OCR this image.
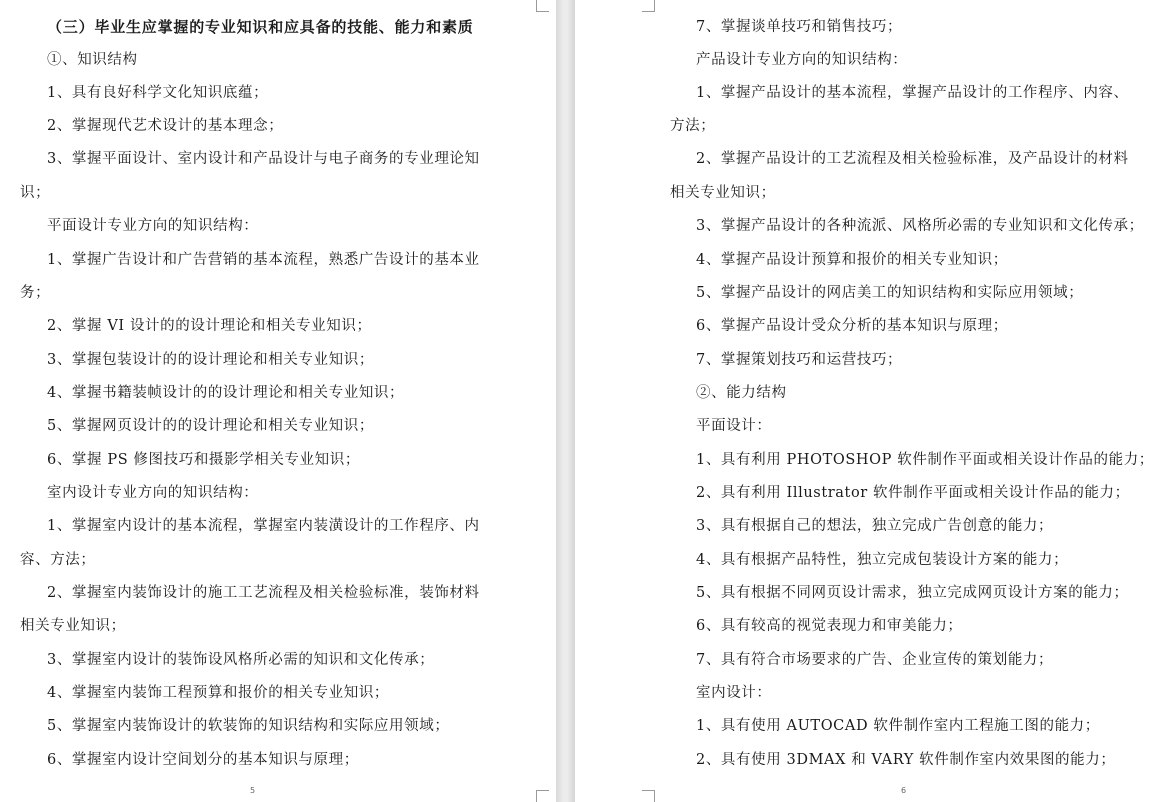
（三）毕业生应掌握的专业知识和应具备的技能、能力和素质
①、知识结构
1、具有良好科学文化知识底蕴；
2、掌握现代艺术设计的基本理念；
3、掌握平面设计、室内设计和产品设计与电子商务的专业理论知
识；
平面设计专业方向的知识结构：
1、掌握广告设计和广告营销的基本流程，熟悉广告设计的基本业
务；
2、掌握 VI 设计的的设计理论和相关专业知识；
3、掌握包装设计的的设计理论和相关专业知识；
4、掌握书籍装帧设计的的设计理论和相关专业知识；
5、掌握网页设计的的设计理论和相关专业知识；
6、掌握 PS 修图技巧和摄影学相关专业知识；
室内设计专业方向的知识结构：
1、掌握室内设计的基本流程，掌握室内装潢设计的工作程序、内
容、方法；
2、掌握室内装饰设计的施工工艺流程及相关检验标准，装饰材料
相关专业知识；
3、掌握室内设计的装饰设风格所必需的知识和文化传承；
4、掌握室内装饰工程预算和报价的相关专业知识；
5、掌握室内装饰设计的软装饰的知识结构和实际应用领域；
6、掌握室内设计空间划分的基本知识与原理；
5
7、掌握谈单技巧和销售技巧；
产品设计专业方向的知识结构：
1、掌握产品设计的基本流程，掌握产品设计的工作程序、内容、
方法；
2、掌握产品设计的工艺流程及相关检验标准，及产品设计的材料
相关专业知识；
3、掌握产品设计的各种流派、风格所必需的专业知识和文化传承；
4、掌握产品设计预算和报价的相关专业知识；
5、掌握产品设计的网店美工的知识结构和实际应用领域；
6、掌握产品设计受众分析的基本知识与原理；
7、掌握策划技巧和运营技巧；
②、能力结构
平面设计：
1、具有利用 PHOTOSHOP 软件制作平面或相关设计作品的能力；
2、具有利用 Illustrator 软件制作平面或相关设计作品的能力；
3、具有根据自己的想法，独立完成广告创意的能力；
4、具有根据产品特性，独立完成包装设计方案的能力；
5、具有根据不同网页设计需求，独立完成网页设计方案的能力；
6、具有较高的视觉表现力和审美能力；
7、具有符合市场要求的广告、企业宣传的策划能力；
室内设计：
1、具有使用 AUTOCAD 软件制作室内工程施工图的能力；
2、具有使用 3DMAX 和 VARY 软件制作室内效果图的能力；
6
